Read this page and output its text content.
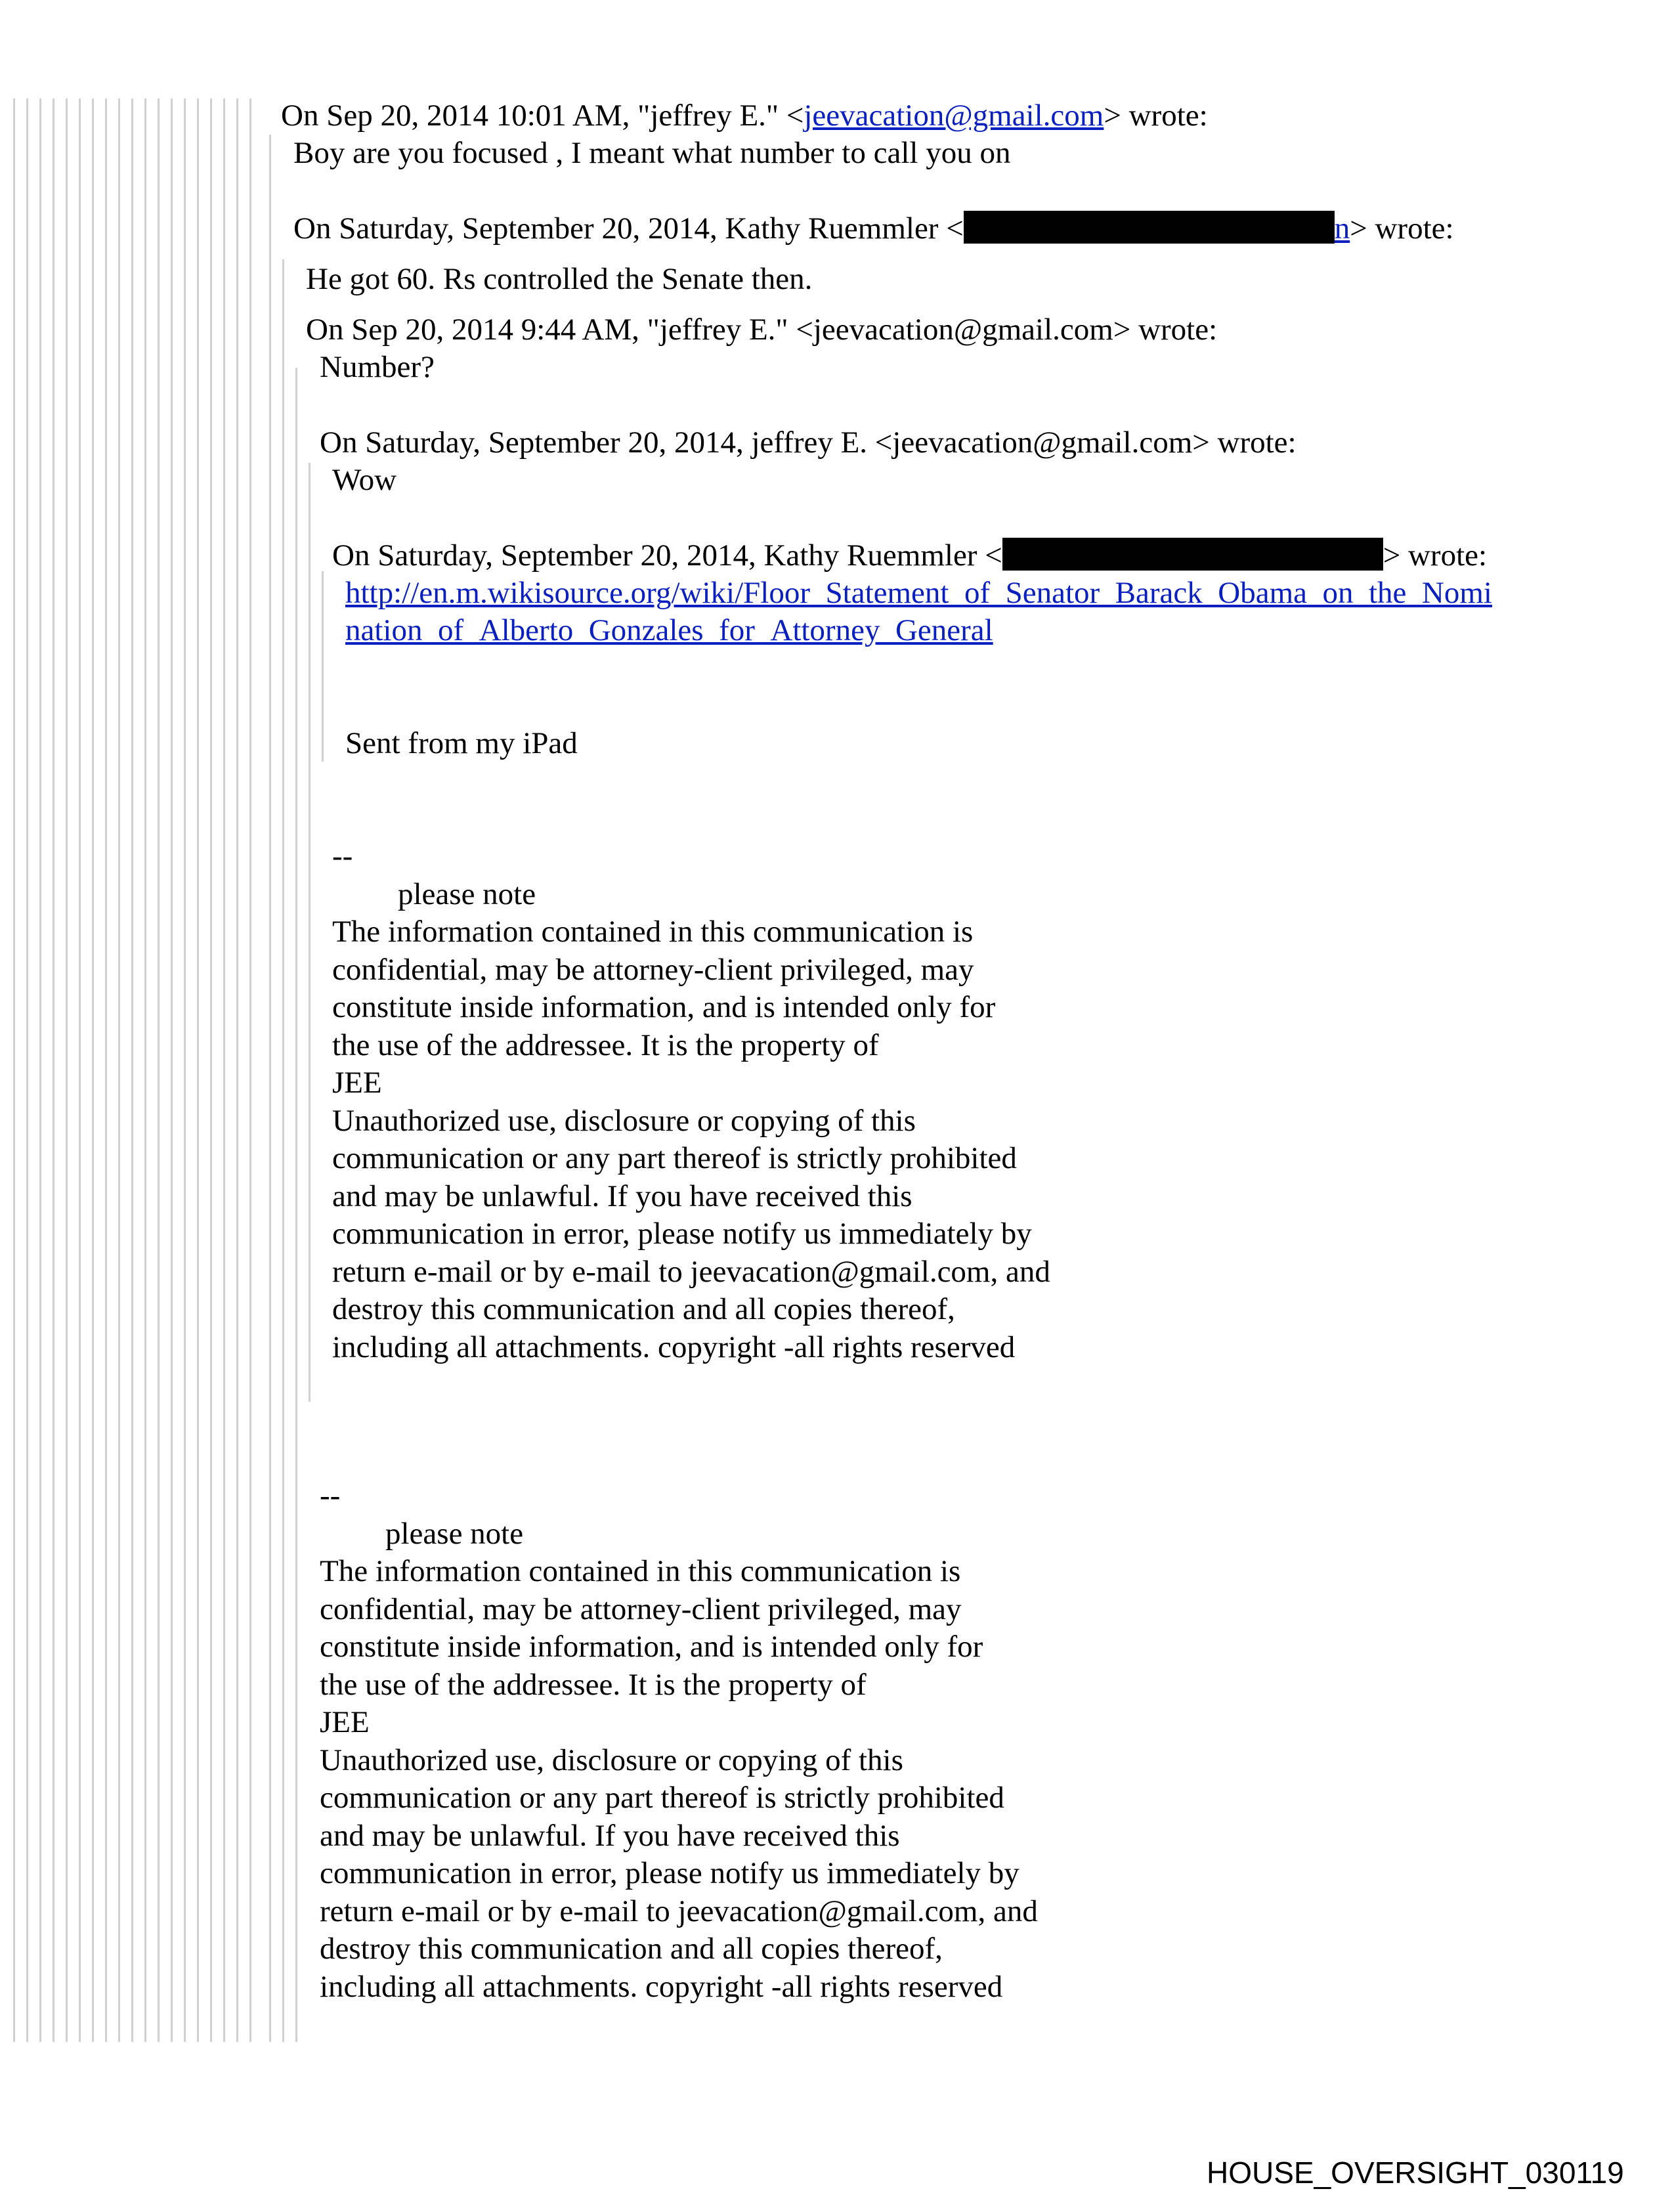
On Sep 20, 2014 10:01 AM, "jeffrey E." <jeevacation@gmail.com> wrote:
Boy are you focused , I meant what number to call you on
On Saturday, September 20, 2014, Kathy Ruemmler <	n> wrote:
He got 60. Rs controlled the Senate then.
On Sep 20, 2014 9:44 AM, "jeffrey E." <jeevacation@gmail.com> wrote:
Number?
On Saturday, September 20, 2014, jeffrey E. <jeevacation@gmail.com> wrote:
Wow
On Saturday, September 20, 2014, Kathy Ruemmler <	> wrote:
http://en.m.wikisource.org/wiki/Floor_Statement_of_Senator_Barack_Obama_on_the_Nomi
nation_of_Alberto_Gonzales_for_Attorney_General
Sent from my iPad
--
please note
The information contained in this communication is
confidential, may be attorney-client privileged, may
constitute inside information, and is intended only for
the use of the addressee. It is the property of
JEE
Unauthorized use, disclosure or copying of this
communication or any part thereof is strictly prohibited
and may be unlawful. If you have received this
communication in error, please notify us immediately by
return e-mail or by e-mail to jeevacation@gmail.com, and
destroy this communication and all copies thereof,
including all attachments. copyright -all rights reserved
--
please note
The information contained in this communication is
confidential, may be attorney-client privileged, may
constitute inside information, and is intended only for
the use of the addressee. It is the property of
JEE
Unauthorized use, disclosure or copying of this
communication or any part thereof is strictly prohibited
and may be unlawful. If you have received this
communication in error, please notify us immediately by
return e-mail or by e-mail to jeevacation@gmail.com, and
destroy this communication and all copies thereof,
including all attachments. copyright -all rights reserved
HOUSE_OVERSIGHT_030119
